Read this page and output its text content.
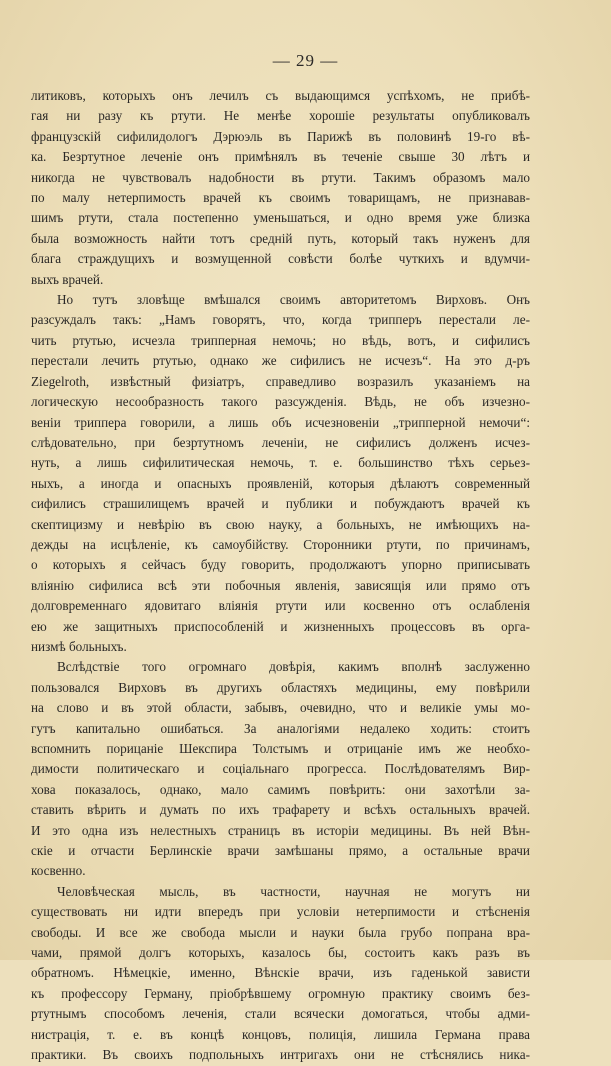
— 29 —
литиковъ, которыхъ онъ лечилъ съ выдающимся успѣхомъ, не прибѣ-
гая ни разу къ ртути. Не менѣе хорошіе результаты опубликовалъ
французскій сифилидологъ Дэрюэль въ Парижѣ въ половинѣ 19-го вѣ-
ка. Безртутное леченіе онъ примѣнялъ въ теченіе свыше 30 лѣтъ и
никогда не чувствовалъ надобности въ ртути. Такимъ образомъ мало
по малу нетерпимость врачей къ своимъ товарищамъ, не признавав-
шимъ ртути, стала постепенно уменьшаться, и одно время уже близка
была возможность найти тотъ средній путь, который такъ нуженъ для
блага страждущихъ и возмущенной совѣсти болѣе чуткихъ и вдумчи-
выхъ врачей.
Но тутъ зловѣще вмѣшался своимъ авторитетомъ Вирховъ. Онъ
разсуждалъ такъ: „Намъ говорятъ, что, когда трипперъ перестали ле-
чить ртутью, исчезла трипперная немочь; но вѣдь, вотъ, и сифилисъ
перестали лечить ртутью, однако же сифилисъ не исчезъ“. На это д-ръ
Ziegelroth, извѣстный физіатръ, справедливо возразилъ указаніемъ на
логическую несообразность такого разсужденія. Вѣдь, не объ изчезно-
веніи триппера говорили, а лишь объ исчезновеніи „трипперной немочи“:
слѣдовательно, при безртутномъ леченіи, не сифилисъ долженъ исчез-
нуть, а лишь сифилитическая немочь, т. е. большинство тѣхъ серьез-
ныхъ, а иногда и опасныхъ проявленій, которыя дѣлаютъ современный
сифилисъ страшилищемъ врачей и публики и побуждаютъ врачей къ
скептицизму и невѣрію въ свою науку, а больныхъ, не имѣющихъ на-
дежды на исцѣленіе, къ самоубійству. Сторонники ртути, по причинамъ,
о которыхъ я сейчасъ буду говорить, продолжаютъ упорно приписывать
вліянію сифилиса всѣ эти побочныя явленія, зависящія или прямо отъ
долговременнаго ядовитаго вліянія ртути или косвенно отъ ослабленія
ею же защитныхъ приспособленій и жизненныхъ процессовъ въ орга-
низмѣ больныхъ.
Вслѣдствіе того огромнаго довѣрія, какимъ вполнѣ заслуженно
пользовался Вирховъ въ другихъ областяхъ медицины, ему повѣрили
на слово и въ этой области, забывъ, очевидно, что и великіе умы мо-
гутъ капитально ошибаться. За аналогіями недалеко ходить: стоитъ
вспомнить порицаніе Шекспира Толстымъ и отрицаніе имъ же необхо-
димости политическаго и соціальнаго прогресса. Послѣдователямъ Вир-
хова показалось, однако, мало самимъ повѣрить: они захотѣли за-
ставить вѣрить и думать по ихъ трафарету и всѣхъ остальныхъ врачей.
И это одна изъ нелестныхъ страницъ въ исторіи медицины. Въ ней Вѣн-
скіе и отчасти Берлинскіе врачи замѣшаны прямо, а остальные врачи
косвенно.
Человѣческая мысль, въ частности, научная не могутъ ни
существовать ни идти впередъ при условіи нетерпимости и стѣсненія
свободы. И все же свобода мысли и науки была грубо попрана вра-
чами, прямой долгъ которыхъ, казалось бы, состоитъ какъ разъ въ
обратномъ. Нѣмецкіе, именно, Вѣнскіе врачи, изъ гаденькой зависти
къ профессору Герману, пріобрѣвшему огромную практику своимъ без-
ртутнымъ способомъ леченія, стали всячески домогаться, чтобы адми-
нистрація, т. е. въ концѣ концовъ, полиція, лишила Германа права
практики. Въ своихъ подпольныхъ интригахъ они не стѣснялись ника-
